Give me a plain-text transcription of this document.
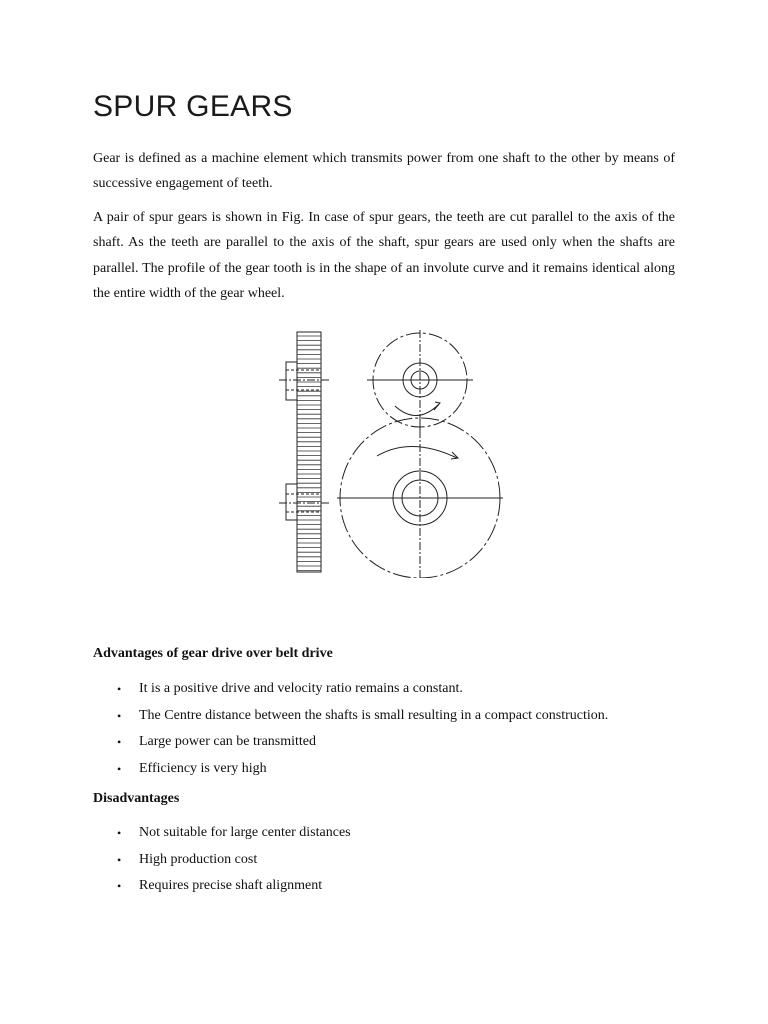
SPUR GEARS

Gear is defined as a machine element which transmits power from one shaft to the other by means of successive engagement of teeth.

A pair of spur gears is shown in Fig. In case of spur gears, the teeth are cut parallel to the axis of the shaft. As the teeth are parallel to the axis of the shaft, spur gears are used only when the shafts are parallel. The profile of the gear tooth is in the shape of an involute curve and it remains identical along the entire width of the gear wheel.

Advantages of gear drive over belt drive

• It is a positive drive and velocity ratio remains a constant.
• The Centre distance between the shafts is small resulting in a compact construction.
• Large power can be transmitted
• Efficiency is very high

Disadvantages

• Not suitable for large center distances
• High production cost
• Requires precise shaft alignment
